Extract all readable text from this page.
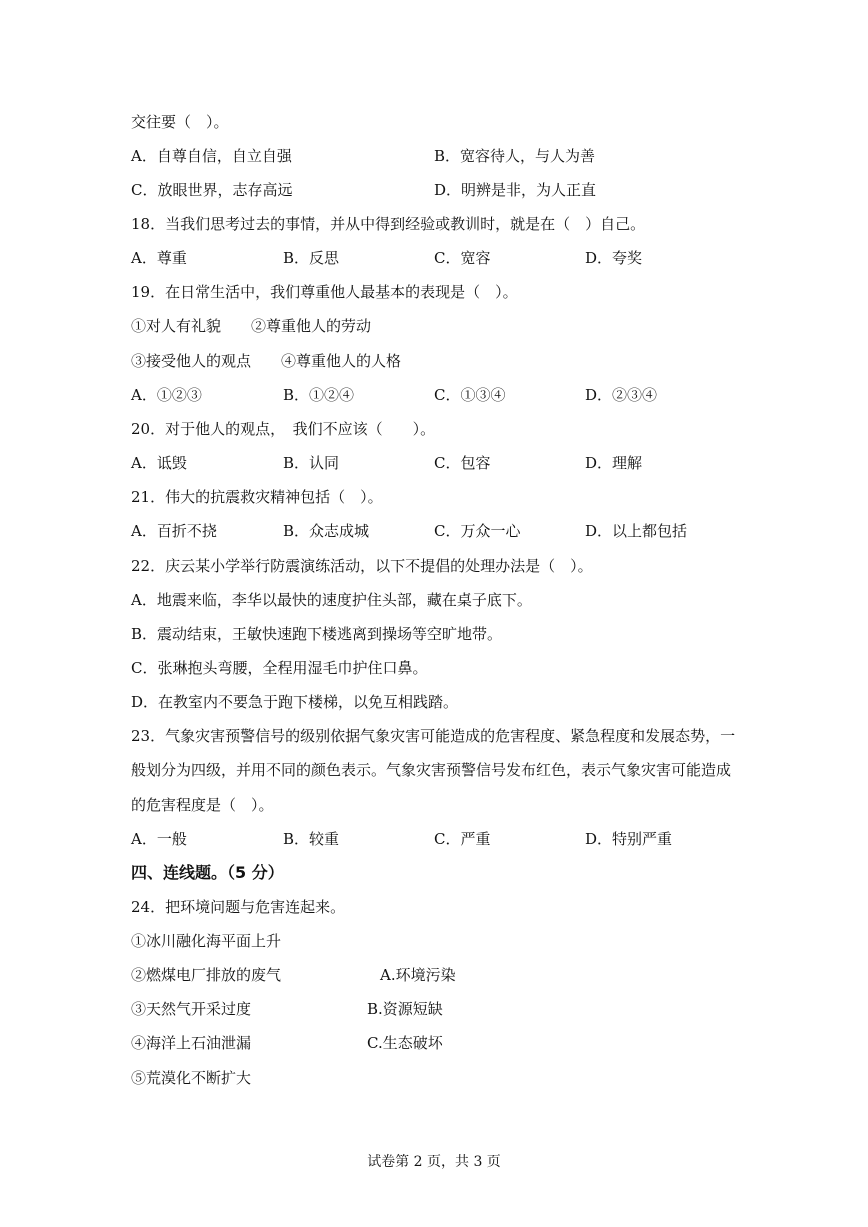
交往要（　）。
A．自尊自信，自立自强	B．宽容待人，与人为善
C．放眼世界，志存高远	D．明辨是非，为人正直
18．当我们思考过去的事情，并从中得到经验或教训时，就是在（　）自己。
A．尊重	B．反思	C．宽容	D．夸奖
19．在日常生活中，我们尊重他人最基本的表现是（　）。
①对人有礼貌　　②尊重他人的劳动
③接受他人的观点　　④尊重他人的人格
A．①②③	B．①②④	C．①③④	D．②③④
20．对于他人的观点，　我们不应该（　　）。
A．诋毁	B．认同	C．包容	D．理解
21．伟大的抗震救灾精神包括（　）。
A．百折不挠	B．众志成城	C．万众一心	D．以上都包括
22．庆云某小学举行防震演练活动，以下不提倡的处理办法是（　）。
A．地震来临，李华以最快的速度护住头部，藏在桌子底下。
B．震动结束，王敏快速跑下楼逃离到操场等空旷地带。
C．张琳抱头弯腰，全程用湿毛巾护住口鼻。
D．在教室内不要急于跑下楼梯，以免互相践踏。
23．气象灾害预警信号的级别依据气象灾害可能造成的危害程度、紧急程度和发展态势，一
般划分为四级，并用不同的颜色表示。气象灾害预警信号发布红色，表示气象灾害可能造成
的危害程度是（　）。
A．一般	B．较重	C．严重	D．特别严重
四、连线题。（5 分）
24．把环境问题与危害连起来。
①冰川融化海平面上升
②燃煤电厂排放的废气	A.环境污染
③天然气开采过度	B.资源短缺
④海洋上石油泄漏	C.生态破坏
⑤荒漠化不断扩大
试卷第 2 页，共 3 页
